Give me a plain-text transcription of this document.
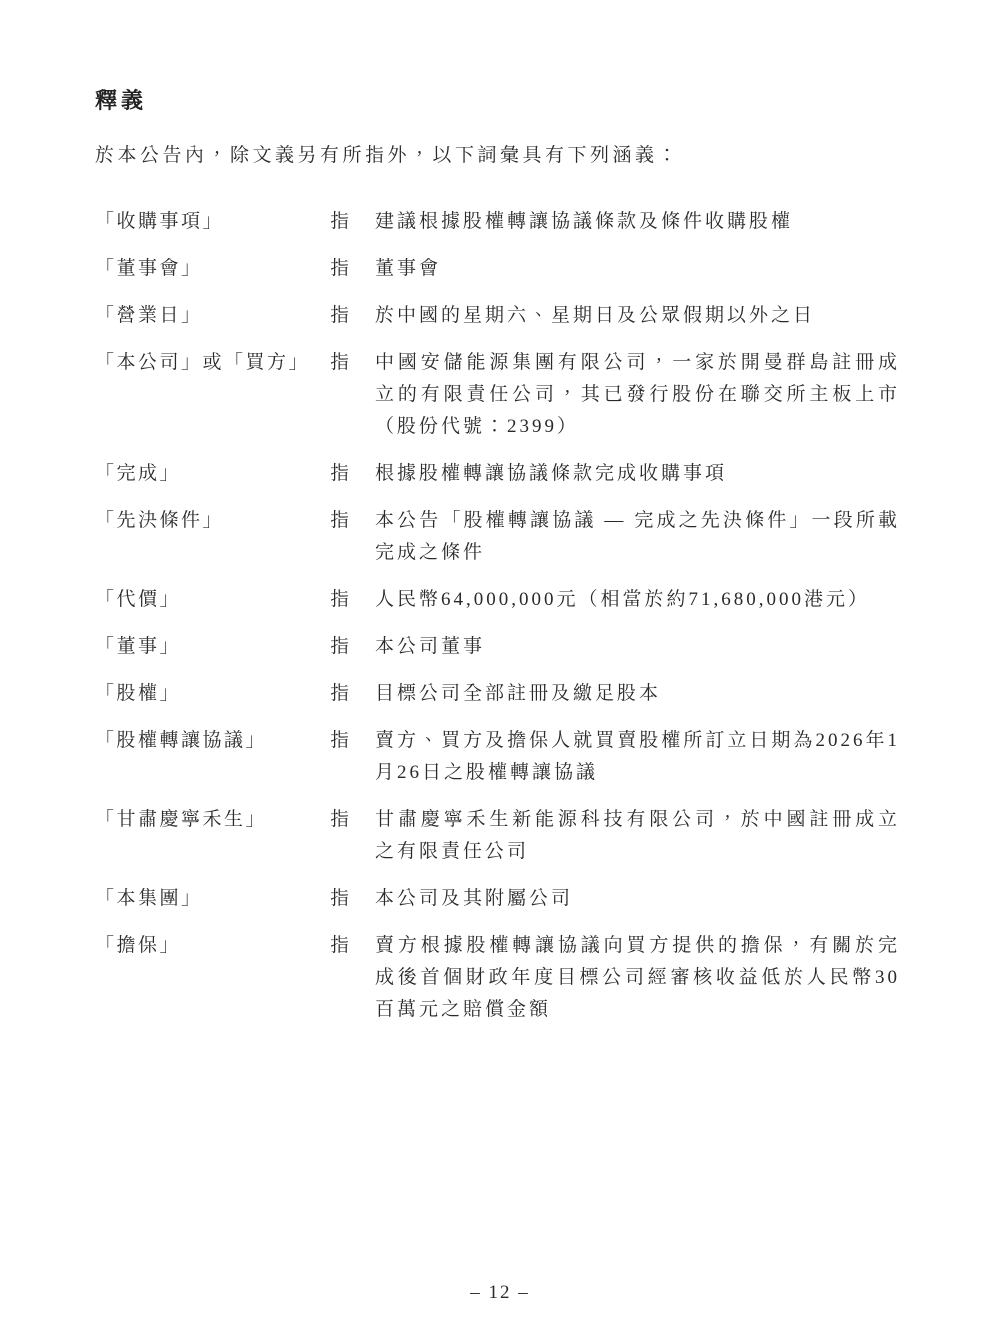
釋義

於本公告內，除文義另有所指外，以下詞彙具有下列涵義：

「收購事項」	指	建議根據股權轉讓協議條款及條件收購股權
「董事會」	指	董事會
「營業日」	指	於中國的星期六、星期日及公眾假期以外之日
「本公司」或「買方」	指	中國安儲能源集團有限公司，一家於開曼群島註冊成立的有限責任公司，其已發行股份在聯交所主板上市（股份代號：2399）
「完成」	指	根據股權轉讓協議條款完成收購事項
「先決條件」	指	本公告「股權轉讓協議 — 完成之先決條件」一段所載完成之條件
「代價」	指	人民幣64,000,000元（相當於約71,680,000港元）
「董事」	指	本公司董事
「股權」	指	目標公司全部註冊及繳足股本
「股權轉讓協議」	指	賣方、買方及擔保人就買賣股權所訂立日期為2026年1月26日之股權轉讓協議
「甘肅慶寧禾生」	指	甘肅慶寧禾生新能源科技有限公司，於中國註冊成立之有限責任公司
「本集團」	指	本公司及其附屬公司
「擔保」	指	賣方根據股權轉讓協議向買方提供的擔保，有關於完成後首個財政年度目標公司經審核收益低於人民幣30百萬元之賠償金額
– 12 –
